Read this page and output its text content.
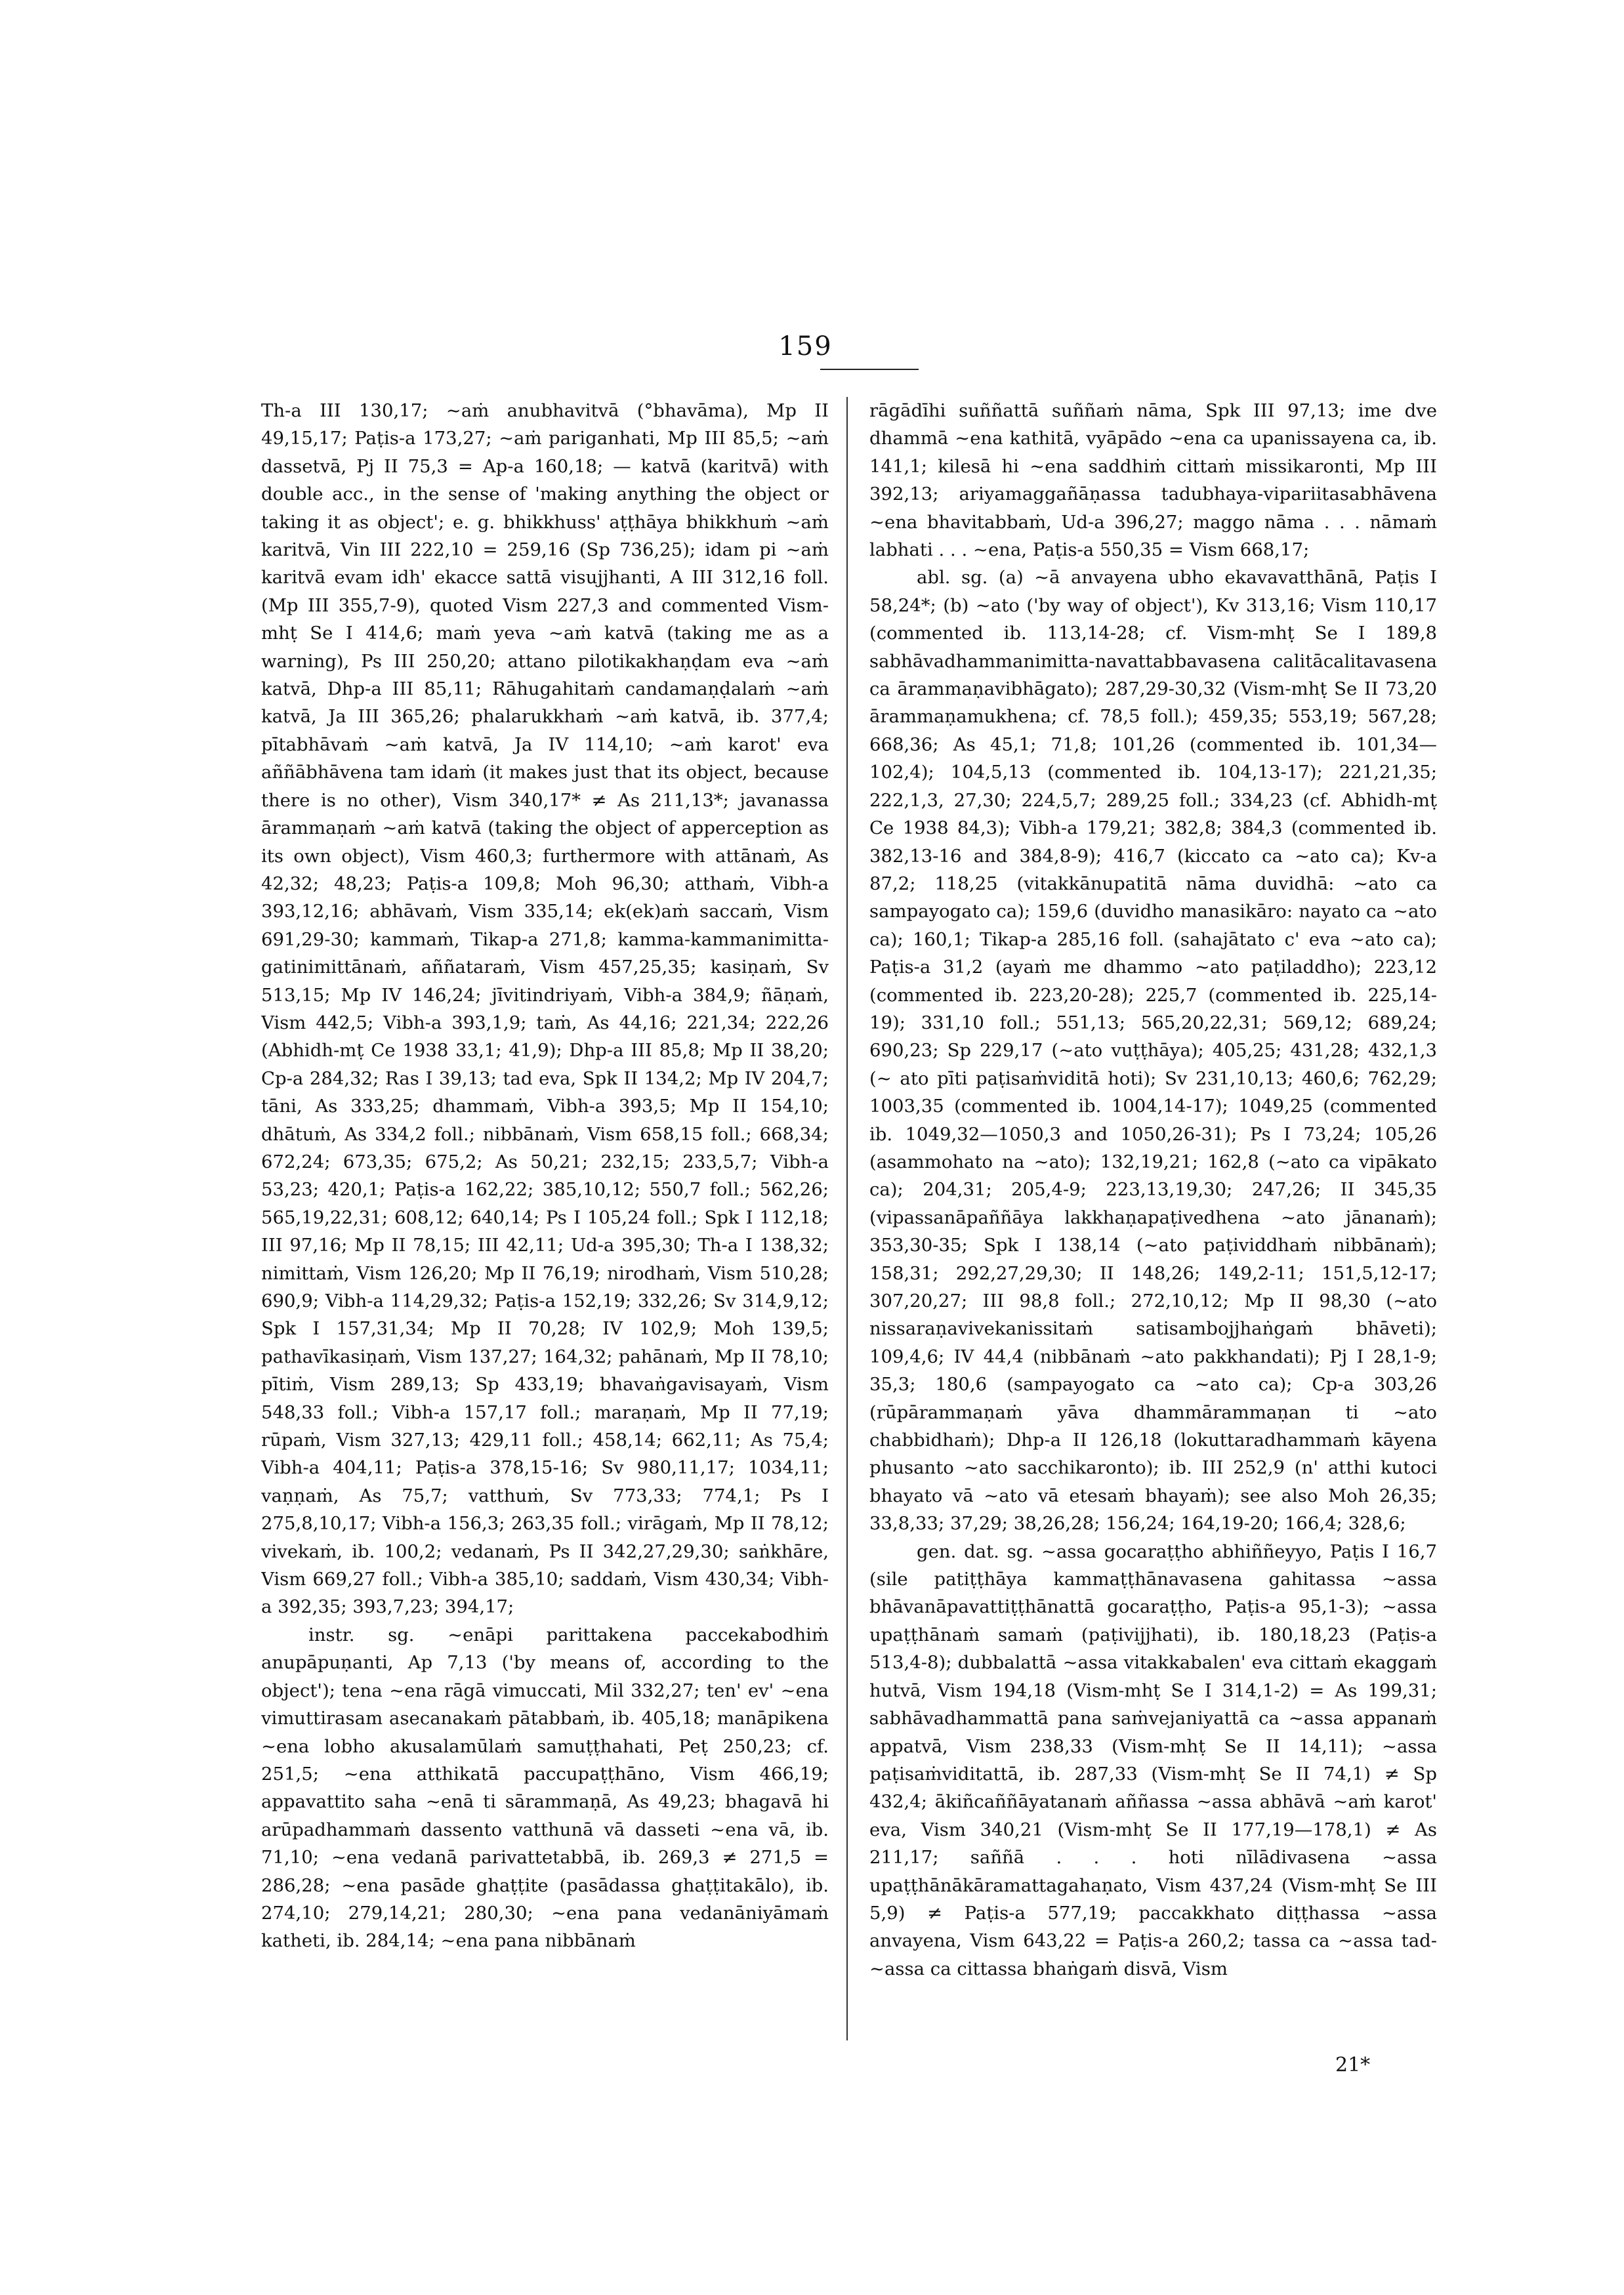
159

Th-a III 130,17; ~aṁ anubhavitvā (°bhavāma), Mp II 49,15,17; Paṭis-a 173,27; ~aṁ pariganhati, Mp III 85,5; ~aṁ dassetvā, Pj II 75,3 = Ap-a 160,18; — katvā (karitvā) with double acc., in the sense of 'making anything the object or taking it as object'; e. g. bhikkhuss' aṭṭhāya bhikkhuṁ ~aṁ karitvā, Vin III 222,10 = 259,16 (Sp 736,25); idam pi ~aṁ karitvā evam idh' ekacce sattā visujjhanti, A III 312,16 foll. (Mp III 355,7-9), quoted Vism 227,3 and commented Vism-mhṭ Se I 414,6; maṁ yeva ~aṁ katvā (taking me as a warning), Ps III 250,20; attano pilotikakhaṇḍam eva ~aṁ katvā, Dhp-a III 85,11; Rāhugahitaṁ candamaṇḍalaṁ ~aṁ katvā, Ja III 365,26; phalarukkhaṁ ~aṁ katvā, ib. 377,4; pītabhāvaṁ ~aṁ katvā, Ja IV 114,10; ~aṁ karot' eva aññābhāvena tam idaṁ (it makes just that its object, because there is no other), Vism 340,17* ≠ As 211,13*; javanassa ārammaṇaṁ ~aṁ katvā (taking the object of apperception as its own object), Vism 460,3; furthermore with attānaṁ, As 42,32; 48,23; Paṭis-a 109,8; Moh 96,30; atthaṁ, Vibh-a 393,12,16; abhāvaṁ, Vism 335,14; ek(ek)aṁ saccaṁ, Vism 691,29-30; kammaṁ, Tikap-a 271,8; kamma-kammanimitta-gatinimittānaṁ, aññataraṁ, Vism 457,25,35; kasiṇaṁ, Sv 513,15; Mp IV 146,24; jīvitindriyaṁ, Vibh-a 384,9; ñāṇaṁ, Vism 442,5; Vibh-a 393,1,9; taṁ, As 44,16; 221,34; 222,26 (Abhidh-mṭ Ce 1938 33,1; 41,9); Dhp-a III 85,8; Mp II 38,20; Cp-a 284,32; Ras I 39,13; tad eva, Spk II 134,2; Mp IV 204,7; tāni, As 333,25; dhammaṁ, Vibh-a 393,5; Mp II 154,10; dhātuṁ, As 334,2 foll.; nibbānaṁ, Vism 658,15 foll.; 668,34; 672,24; 673,35; 675,2; As 50,21; 232,15; 233,5,7; Vibh-a 53,23; 420,1; Paṭis-a 162,22; 385,10,12; 550,7 foll.; 562,26; 565,19,22,31; 608,12; 640,14; Ps I 105,24 foll.; Spk I 112,18; III 97,16; Mp II 78,15; III 42,11; Ud-a 395,30; Th-a I 138,32; nimittaṁ, Vism 126,20; Mp II 76,19; nirodhaṁ, Vism 510,28; 690,9; Vibh-a 114,29,32; Paṭis-a 152,19; 332,26; Sv 314,9,12; Spk I 157,31,34; Mp II 70,28; IV 102,9; Moh 139,5; pathavīkasiṇaṁ, Vism 137,27; 164,32; pahānaṁ, Mp II 78,10; pītiṁ, Vism 289,13; Sp 433,19; bhavaṅgavisayaṁ, Vism 548,33 foll.; Vibh-a 157,17 foll.; maraṇaṁ, Mp II 77,19; rūpaṁ, Vism 327,13; 429,11 foll.; 458,14; 662,11; As 75,4; Vibh-a 404,11; Paṭis-a 378,15-16; Sv 980,11,17; 1034,11; vaṇṇaṁ, As 75,7; vatthuṁ, Sv 773,33; 774,1; Ps I 275,8,10,17; Vibh-a 156,3; 263,35 foll.; virāgaṁ, Mp II 78,12; vivekaṁ, ib. 100,2; vedanaṁ, Ps II 342,27,29,30; saṅkhāre, Vism 669,27 foll.; Vibh-a 385,10; saddaṁ, Vism 430,34; Vibh-a 392,35; 393,7,23; 394,17;

instr. sg. ~enāpi parittakena paccekabodhiṁ anupāpuṇanti, Ap 7,13 ('by means of, according to the object'); tena ~ena rāgā vimuccati, Mil 332,27; ten' ev' ~ena vimuttirasam asecanakaṁ pātabbaṁ, ib. 405,18; manāpikena ~ena lobho akusalamūlaṁ samuṭṭhahati, Peṭ 250,23; cf. 251,5; ~ena atthikatā paccupaṭṭhāno, Vism 466,19; appavattito saha ~enā ti sārammaṇā, As 49,23; bhagavā hi arūpadhammaṁ dassento vatthunā vā dasseti ~ena vā, ib. 71,10; ~ena vedanā parivattetabbā, ib. 269,3 ≠ 271,5 = 286,28; ~ena pasāde ghaṭṭite (pasādassa ghaṭṭitakālo), ib. 274,10; 279,14,21; 280,30; ~ena pana vedanāniyāmaṁ katheti, ib. 284,14; ~ena pana nibbānaṁ

rāgādīhi suññattā suññaṁ nāma, Spk III 97,13; ime dve dhammā ~ena kathitā, vyāpādo ~ena ca upanissayena ca, ib. 141,1; kilesā hi ~ena saddhiṁ cittaṁ missikaronti, Mp III 392,13; ariyamaggañāṇassa tadubhaya-vipariitasabhāvena ~ena bhavitabbaṁ, Ud-a 396,27; maggo nāma . . . nāmaṁ labhati . . . ~ena, Paṭis-a 550,35 = Vism 668,17;

abl. sg. (a) ~ā anvayena ubho ekavavatthānā, Paṭis I 58,24*; (b) ~ato ('by way of object'), Kv 313,16; Vism 110,17 (commented ib. 113,14-28; cf. Vism-mhṭ Se I 189,8 sabhāvadhammanimitta-navattabbavasena calitācalitavasena ca ārammaṇavibhāgato); 287,29-30,32 (Vism-mhṭ Se II 73,20 ārammaṇamukhena; cf. 78,5 foll.); 459,35; 553,19; 567,28; 668,36; As 45,1; 71,8; 101,26 (commented ib. 101,34—102,4); 104,5,13 (commented ib. 104,13-17); 221,21,35; 222,1,3, 27,30; 224,5,7; 289,25 foll.; 334,23 (cf. Abhidh-mṭ Ce 1938 84,3); Vibh-a 179,21; 382,8; 384,3 (commented ib. 382,13-16 and 384,8-9); 416,7 (kiccato ca ~ato ca); Kv-a 87,2; 118,25 (vitakkānupatitā nāma duvidhā: ~ato ca sampayogato ca); 159,6 (duvidho manasikāro: nayato ca ~ato ca); 160,1; Tikap-a 285,16 foll. (sahajātato c' eva ~ato ca); Paṭis-a 31,2 (ayaṁ me dhammo ~ato paṭiladdho); 223,12 (commented ib. 223,20-28); 225,7 (commented ib. 225,14-19); 331,10 foll.; 551,13; 565,20,22,31; 569,12; 689,24; 690,23; Sp 229,17 (~ato vuṭṭhāya); 405,25; 431,28; 432,1,3 (~ ato pīti paṭisaṁviditā hoti); Sv 231,10,13; 460,6; 762,29; 1003,35 (commented ib. 1004,14-17); 1049,25 (commented ib. 1049,32—1050,3 and 1050,26-31); Ps I 73,24; 105,26 (asammohato na ~ato); 132,19,21; 162,8 (~ato ca vipākato ca); 204,31; 205,4-9; 223,13,19,30; 247,26; II 345,35 (vipassanāpaññāya lakkhaṇapaṭivedhena ~ato jānanaṁ); 353,30-35; Spk I 138,14 (~ato paṭividdhaṁ nibbānaṁ); 158,31; 292,27,29,30; II 148,26; 149,2-11; 151,5,12-17; 307,20,27; III 98,8 foll.; 272,10,12; Mp II 98,30 (~ato nissaraṇavivekanissitaṁ satisambojjhaṅgaṁ bhāveti); 109,4,6; IV 44,4 (nibbānaṁ ~ato pakkhandati); Pj I 28,1-9; 35,3; 180,6 (sampayogato ca ~ato ca); Cp-a 303,26 (rūpārammaṇaṁ yāva dhammārammaṇan ti ~ato chabbidhaṁ); Dhp-a II 126,18 (lokuttaradhammaṁ kāyena phusanto ~ato sacchikaronto); ib. III 252,9 (n' atthi kutoci bhayato vā ~ato vā etesaṁ bhayaṁ); see also Moh 26,35; 33,8,33; 37,29; 38,26,28; 156,24; 164,19-20; 166,4; 328,6;

gen. dat. sg. ~assa gocaraṭṭho abhiññeyyo, Paṭis I 16,7 (sile patiṭṭhāya kammaṭṭhānavasena gahitassa ~assa bhāvanāpavattiṭṭhānattā gocaraṭṭho, Paṭis-a 95,1-3); ~assa upaṭṭhānaṁ samaṁ (paṭivijjhati), ib. 180,18,23 (Paṭis-a 513,4-8); dubbalattā ~assa vitakkabalen' eva cittaṁ ekaggaṁ hutvā, Vism 194,18 (Vism-mhṭ Se I 314,1-2) = As 199,31; sabhāvadhammattā pana saṁvejaniyattā ca ~assa appanaṁ appatvā, Vism 238,33 (Vism-mhṭ Se II 14,11); ~assa paṭisaṁviditattā, ib. 287,33 (Vism-mhṭ Se II 74,1) ≠ Sp 432,4; ākiñcaññāyatanaṁ aññassa ~assa abhāvā ~aṁ karot' eva, Vism 340,21 (Vism-mhṭ Se II 177,19—178,1) ≠ As 211,17; saññā . . . hoti nīlādivasena ~assa upaṭṭhānākāramattagahaṇato, Vism 437,24 (Vism-mhṭ Se III 5,9) ≠ Paṭis-a 577,19; paccakkhato diṭṭhassa ~assa anvayena, Vism 643,22 = Paṭis-a 260,2; tassa ca ~assa tad-~assa ca cittassa bhaṅgaṁ disvā, Vism

21*
